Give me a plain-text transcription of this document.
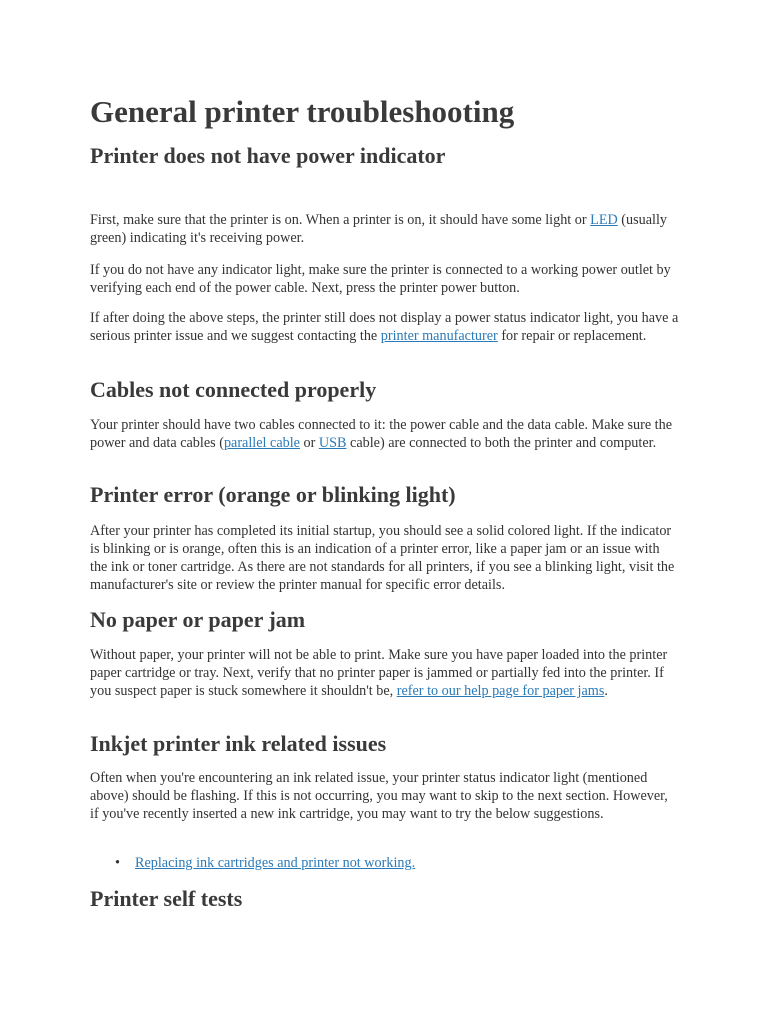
General printer troubleshooting
Printer does not have power indicator

First, make sure that the printer is on. When a printer is on, it should have some light or LED (usually green) indicating it's receiving power.

If you do not have any indicator light, make sure the printer is connected to a working power outlet by verifying each end of the power cable. Next, press the printer power button.

If after doing the above steps, the printer still does not display a power status indicator light, you have a serious printer issue and we suggest contacting the printer manufacturer for repair or replacement.

Cables not connected properly

Your printer should have two cables connected to it: the power cable and the data cable. Make sure the power and data cables (parallel cable or USB cable) are connected to both the printer and computer.

Printer error (orange or blinking light)

After your printer has completed its initial startup, you should see a solid colored light. If the indicator is blinking or is orange, often this is an indication of a printer error, like a paper jam or an issue with the ink or toner cartridge. As there are not standards for all printers, if you see a blinking light, visit the manufacturer's site or review the printer manual for specific error details.

No paper or paper jam

Without paper, your printer will not be able to print. Make sure you have paper loaded into the printer paper cartridge or tray. Next, verify that no printer paper is jammed or partially fed into the printer. If you suspect paper is stuck somewhere it shouldn't be, refer to our help page for paper jams.

Inkjet printer ink related issues

Often when you're encountering an ink related issue, your printer status indicator light (mentioned above) should be flashing. If this is not occurring, you may want to skip to the next section. However, if you've recently inserted a new ink cartridge, you may want to try the below suggestions.

• Replacing ink cartridges and printer not working.
Printer self tests
